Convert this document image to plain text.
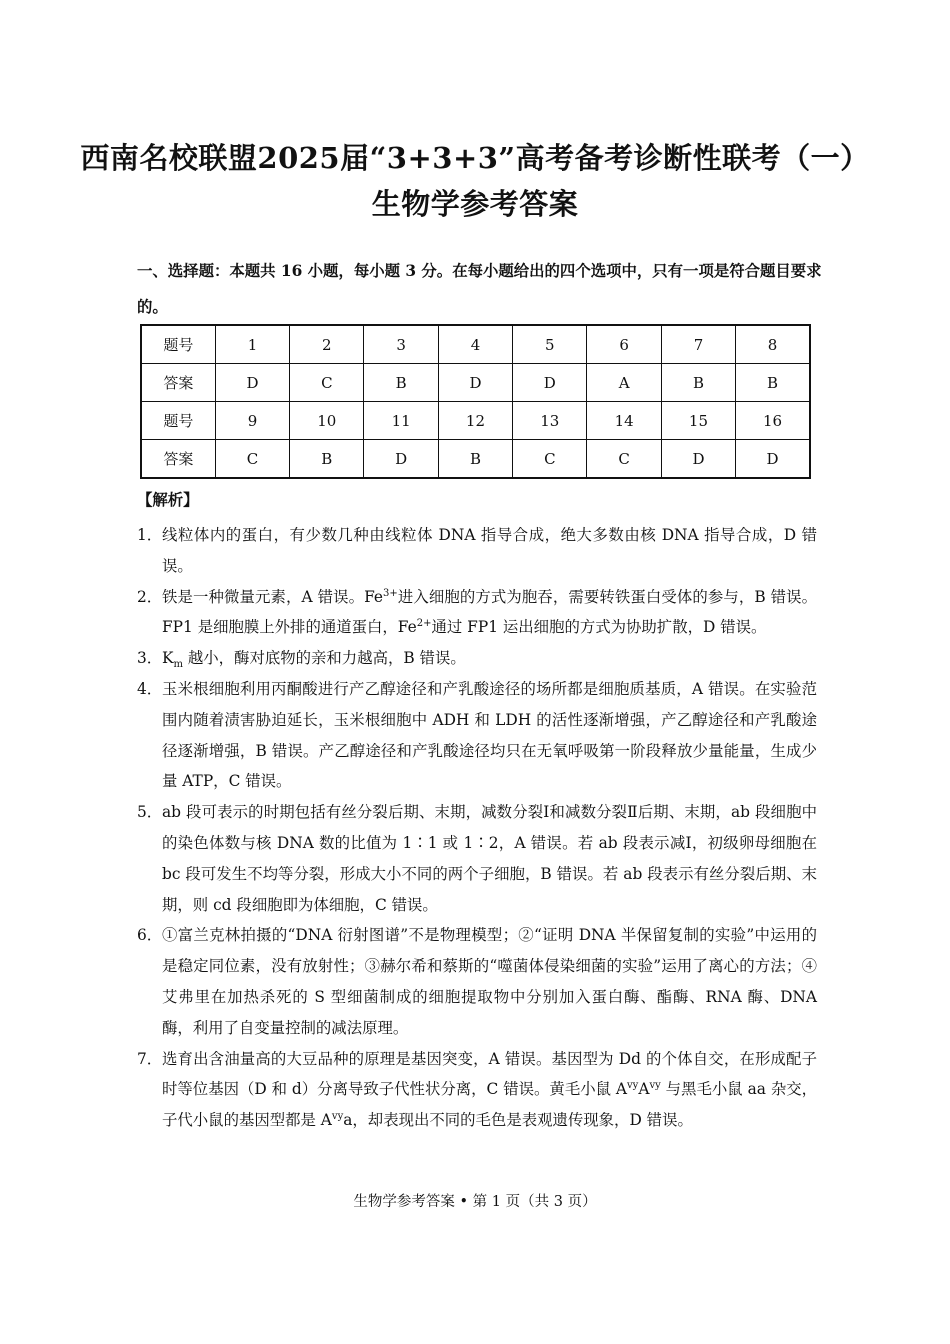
西南名校联盟2025届“3+3+3”高考备考诊断性联考（一）
生物学参考答案
一、选择题：本题共 16 小题，每小题 3 分。在每小题给出的四个选项中，只有一项是符合题目要求的。
题号	1	2	3	4	5	6	7	8
答案	D	C	B	D	D	A	B	B
题号	9	10	11	12	13	14	15	16
答案	C	B	D	B	C	C	D	D
【解析】

1． 线粒体内的蛋白，有少数几种由线粒体 DNA 指导合成，绝大多数由核 DNA 指导合成，D 错误。

2． 铁是一种微量元素，A 错误。$Fe^{3+}$进入细胞的方式为胞吞，需要转铁蛋白受体的参与，B 错误。FP1 是细胞膜上外排的通道蛋白，$Fe^{2+}$通过 FP1 运出细胞的方式为协助扩散，D 错误。

3． $K_m$ 越小，酶对底物的亲和力越高，B 错误。

4． 玉米根细胞利用丙酮酸进行产乙醇途径和产乳酸途径的场所都是细胞质基质，A 错误。在实验范围内随着渍害胁迫延长，玉米根细胞中 ADH 和 LDH 的活性逐渐增强，产乙醇途径和产乳酸途径逐渐增强，B 错误。产乙醇途径和产乳酸途径均只在无氧呼吸第一阶段释放少量能量，生成少量 ATP，C 错误。

5． ab 段可表示的时期包括有丝分裂后期、末期，减数分裂Ⅰ和减数分裂Ⅱ后期、末期，ab 段细胞中的染色体数与核 DNA 数的比值为 1∶1 或 1∶2，A 错误。若 ab 段表示减Ⅰ，初级卵母细胞在 bc 段可发生不均等分裂，形成大小不同的两个子细胞，B 错误。若 ab 段表示有丝分裂后期、末期，则 cd 段细胞即为体细胞，C 错误。

6． ①富兰克林拍摄的“DNA 衍射图谱”不是物理模型；②“证明 DNA 半保留复制的实验”中运用的是稳定同位素，没有放射性；③赫尔希和蔡斯的“噬菌体侵染细菌的实验”运用了离心的方法；④艾弗里在加热杀死的 S 型细菌制成的细胞提取物中分别加入蛋白酶、酯酶、RNA 酶、DNA 酶，利用了自变量控制的减法原理。

7． 选育出含油量高的大豆品种的原理是基因突变，A 错误。基因型为 Dd 的个体自交，在形成配子时等位基因（D 和 d）分离导致子代性状分离，C 错误。黄毛小鼠 $A^{vy}A^{vy}$ 与黑毛小鼠 aa 杂交，子代小鼠的基因型都是 $A^{vy}a$，却表现出不同的毛色是表观遗传现象，D 错误。

生物学参考答案 • 第 1 页（共 3 页）
